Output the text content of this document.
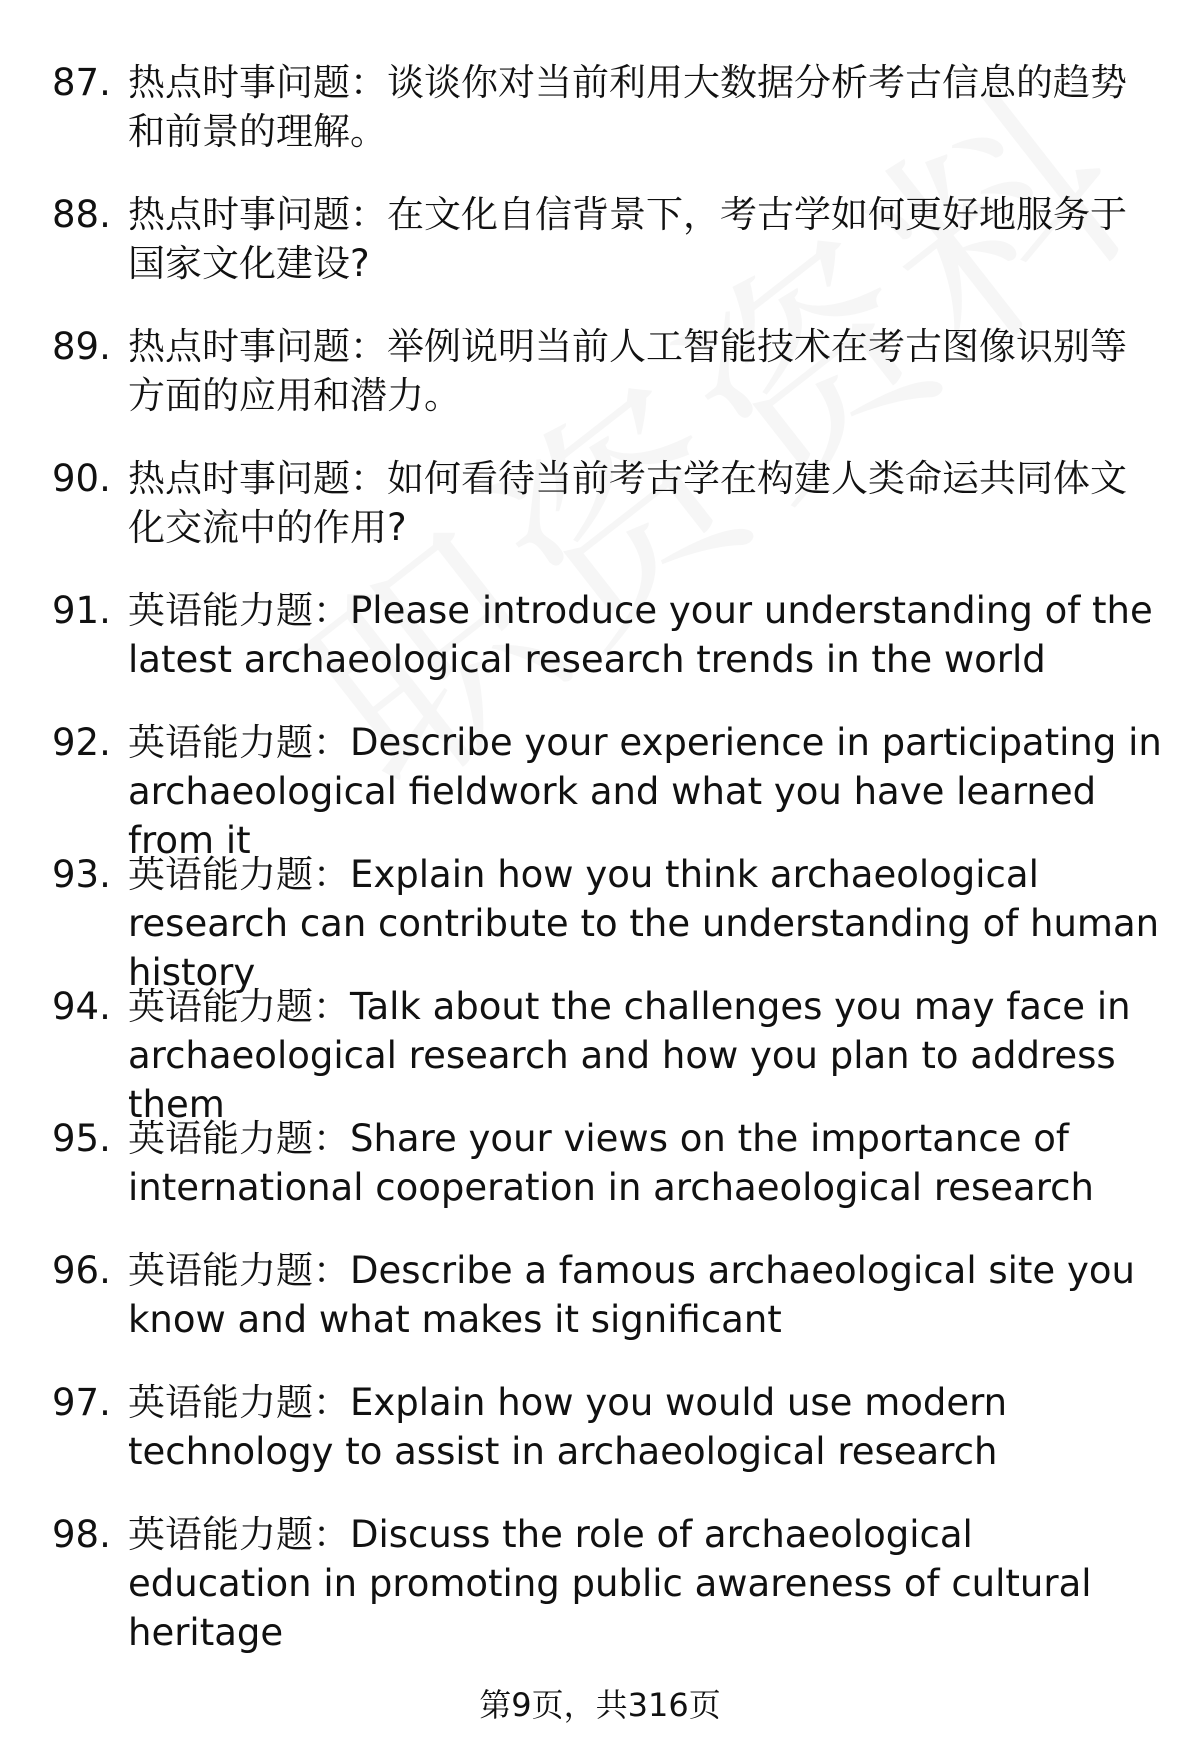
87. 热点时事问题：谈谈你对当前利用大数据分析考古信息的趋势和前景的理解。
88. 热点时事问题：在文化自信背景下，考古学如何更好地服务于国家文化建设?
89. 热点时事问题：举例说明当前人工智能技术在考古图像识别等方面的应用和潜力。
90. 热点时事问题：如何看待当前考古学在构建人类命运共同体文化交流中的作用?
91. 英语能力题：Please introduce your understanding of the latest archaeological research trends in the world
92. 英语能力题：Describe your experience in participating in archaeological fieldwork and what you have learned from it
93. 英语能力题：Explain how you think archaeological research can contribute to the understanding of human history
94. 英语能力题：Talk about the challenges you may face in archaeological research and how you plan to address them
95. 英语能力题：Share your views on the importance of international cooperation in archaeological research
96. 英语能力题：Describe a famous archaeological site you know and what makes it significant
97. 英语能力题：Explain how you would use modern technology to assist in archaeological research
98. 英语能力题：Discuss the role of archaeological education in promoting public awareness of cultural heritage
第9页，共316页
